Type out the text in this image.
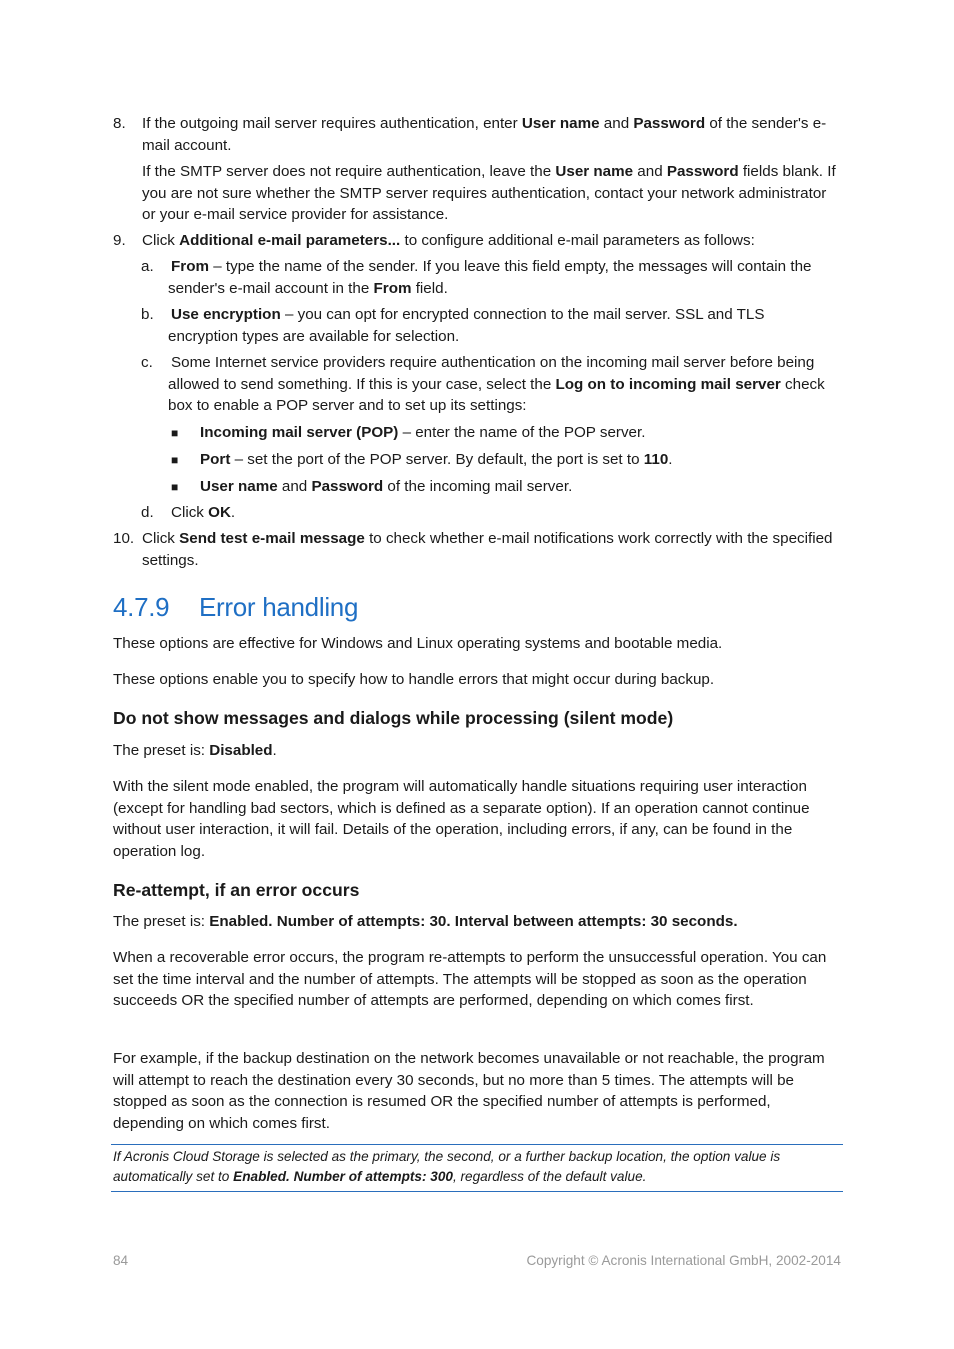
8.	If the outgoing mail server requires authentication, enter User name and Password of the sender's e-mail account.

If the SMTP server does not require authentication, leave the User name and Password fields blank. If you are not sure whether the SMTP server requires authentication, contact your network administrator or your e-mail service provider for assistance.

9.	Click Additional e-mail parameters... to configure additional e-mail parameters as follows:

a.	From – type the name of the sender. If you leave this field empty, the messages will contain the sender's e-mail account in the From field.

b.	Use encryption – you can opt for encrypted connection to the mail server. SSL and TLS encryption types are available for selection.

c.	Some Internet service providers require authentication on the incoming mail server before being allowed to send something. If this is your case, select the Log on to incoming mail server check box to enable a POP server and to set up its settings:

■	Incoming mail server (POP) – enter the name of the POP server.

■	Port – set the port of the POP server. By default, the port is set to 110.

■	User name and Password of the incoming mail server.

d.	Click OK.

10. Click Send test e-mail message to check whether e-mail notifications work correctly with the specified settings.

4.7.9 Error handling

These options are effective for Windows and Linux operating systems and bootable media.

These options enable you to specify how to handle errors that might occur during backup.

Do not show messages and dialogs while processing (silent mode)

The preset is: Disabled.

With the silent mode enabled, the program will automatically handle situations requiring user interaction (except for handling bad sectors, which is defined as a separate option). If an operation cannot continue without user interaction, it will fail. Details of the operation, including errors, if any, can be found in the operation log.

Re-attempt, if an error occurs

The preset is: Enabled. Number of attempts: 30. Interval between attempts: 30 seconds.

When a recoverable error occurs, the program re-attempts to perform the unsuccessful operation. You can set the time interval and the number of attempts. The attempts will be stopped as soon as the operation succeeds OR the specified number of attempts are performed, depending on which comes first.

For example, if the backup destination on the network becomes unavailable or not reachable, the program will attempt to reach the destination every 30 seconds, but no more than 5 times. The attempts will be stopped as soon as the connection is resumed OR the specified number of attempts is performed, depending on which comes first.

If Acronis Cloud Storage is selected as the primary, the second, or a further backup location, the option value is automatically set to Enabled. Number of attempts: 300, regardless of the default value.

84	Copyright © Acronis International GmbH, 2002-2014
